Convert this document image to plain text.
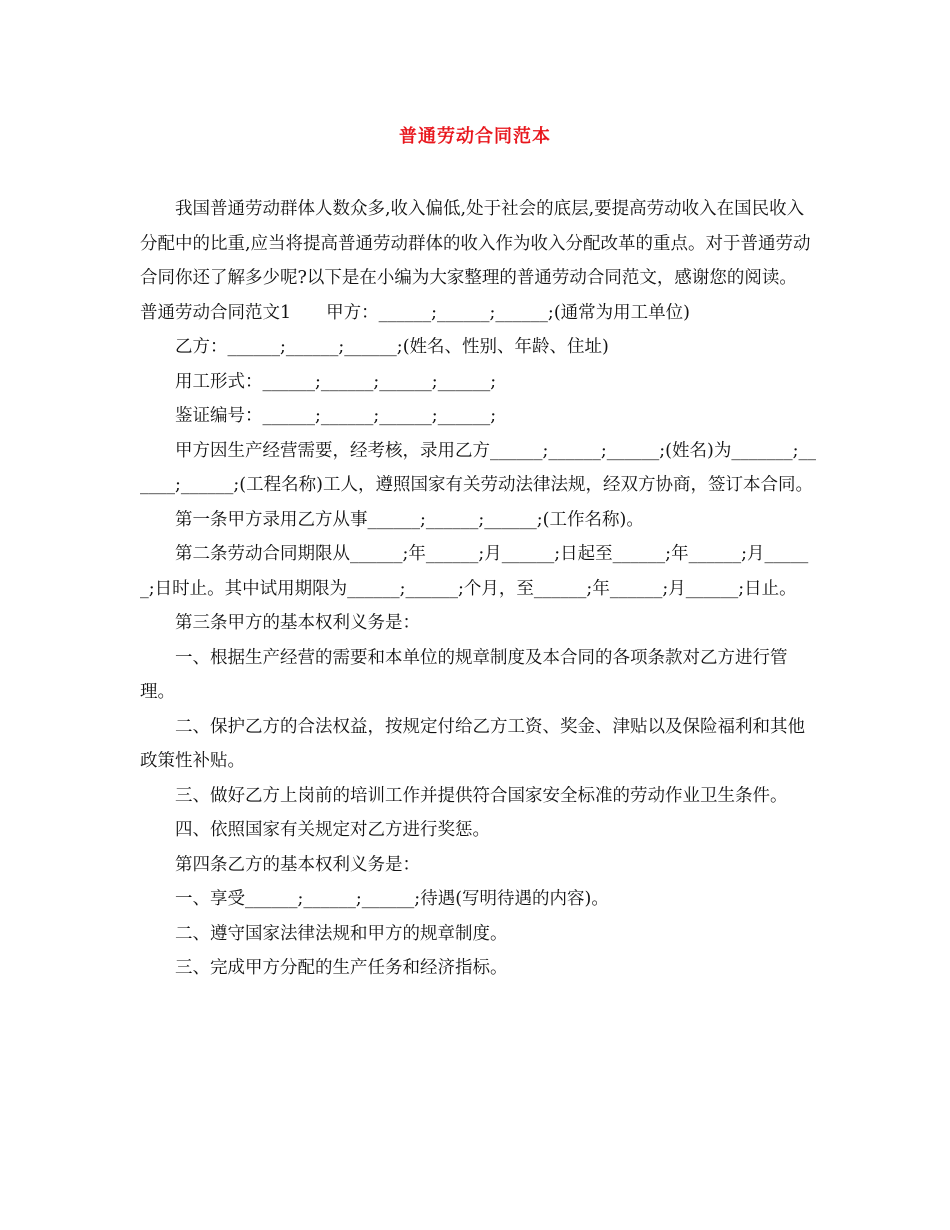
普通劳动合同范本

我国普通劳动群体人数众多,收入偏低,处于社会的底层,要提高劳动收入在国民收入分配中的比重,应当将提高普通劳动群体的收入作为收入分配改革的重点。对于普通劳动合同你还了解多少呢?以下是在小编为大家整理的普通劳动合同范文，感谢您的阅读。

普通劳动合同范文1　　甲方：______;______;______;(通常为用工单位)

乙方：______;______;______;(姓名、性别、年龄、住址)

用工形式：______;______;______;______;

鉴证编号：______;______;______;______;

甲方因生产经营需要，经考核，录用乙方______;______;______;(姓名)为_______;______;______;(工程名称)工人，遵照国家有关劳动法律法规，经双方协商，签订本合同。

第一条甲方录用乙方从事______;______;______;(工作名称)。

第二条劳动合同期限从______;年______;月______;日起至______;年______;月______;日时止。其中试用期限为______;______;个月，至______;年______;月______;日止。

第三条甲方的基本权利义务是：

一、根据生产经营的需要和本单位的规章制度及本合同的各项条款对乙方进行管理。

二、保护乙方的合法权益，按规定付给乙方工资、奖金、津贴以及保险福利和其他政策性补贴。

三、做好乙方上岗前的培训工作并提供符合国家安全标准的劳动作业卫生条件。

四、依照国家有关规定对乙方进行奖惩。

第四条乙方的基本权利义务是：

一、享受______;______;______;待遇(写明待遇的内容)。

二、遵守国家法律法规和甲方的规章制度。

三、完成甲方分配的生产任务和经济指标。
